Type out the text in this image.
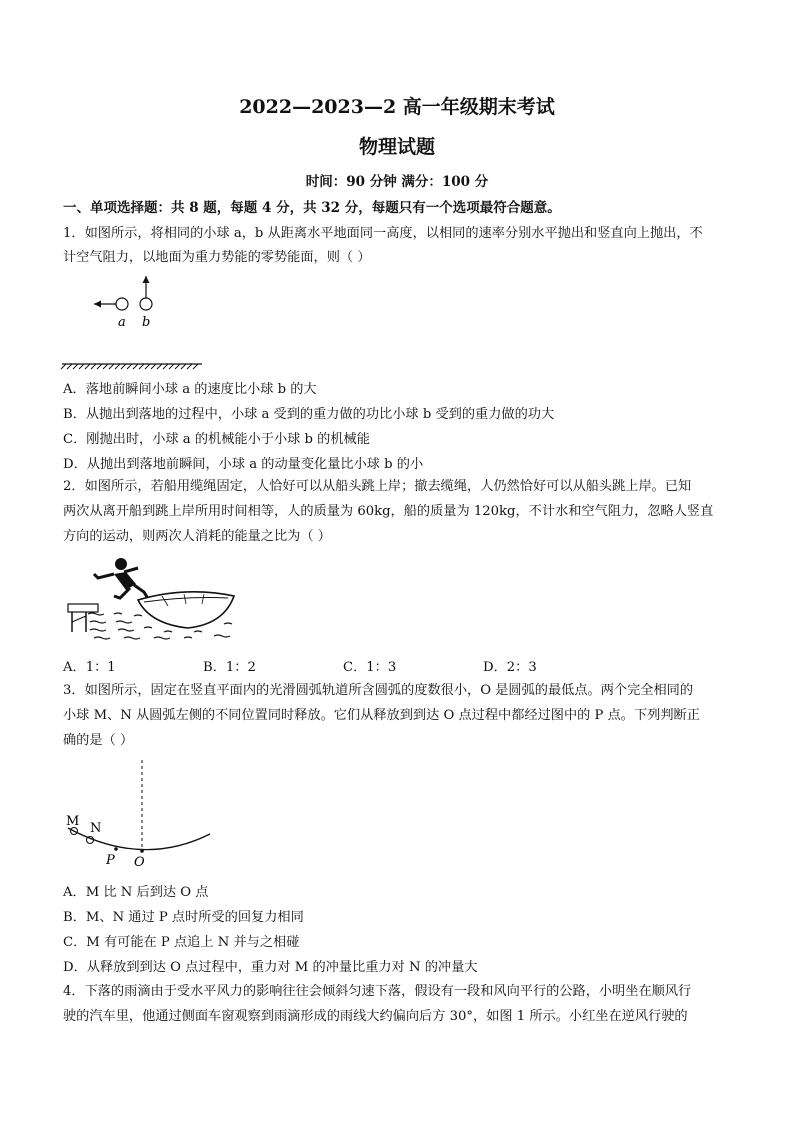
2022—2023—2 高一年级期末考试
物理试题
时间：90 分钟 满分：100 分
一、单项选择题：共 8 题，每题 4 分，共 32 分，每题只有一个选项最符合题意。
1．如图所示，将相同的小球 a，b 从距离水平地面同一高度，以相同的速率分别水平抛出和竖直向上抛出，不
计空气阻力，以地面为重力势能的零势能面，则（ ）
a b
A．落地前瞬间小球 a 的速度比小球 b 的大
B．从抛出到落地的过程中，小球 a 受到的重力做的功比小球 b 受到的重力做的功大
C．刚抛出时，小球 a 的机械能小于小球 b 的机械能
D．从抛出到落地前瞬间，小球 a 的动量变化量比小球 b 的小
2．如图所示，若船用缆绳固定，人恰好可以从船头跳上岸；撤去缆绳，人仍然恰好可以从船头跳上岸。已知
两次从离开船到跳上岸所用时间相等，人的质量为 60kg，船的质量为 120kg，不计水和空气阻力，忽略人竖直
方向的运动，则两次人消耗的能量之比为（ ）
A．1：1	B．1：2	C．1：3	D．2：3
3．如图所示，固定在竖直平面内的光滑圆弧轨道所含圆弧的度数很小，O 是圆弧的最低点。两个完全相同的
小球 M、N 从圆弧左侧的不同位置同时释放。它们从释放到到达 O 点过程中都经过图中的 P 点。下列判断正
确的是（ ）
M N
P O
A．M 比 N 后到达 O 点
B．M、N 通过 P 点时所受的回复力相同
C．M 有可能在 P 点追上 N 并与之相碰
D．从释放到到达 O 点过程中，重力对 M 的冲量比重力对 N 的冲量大
4．下落的雨滴由于受水平风力的影响往往会倾斜匀速下落，假设有一段和风向平行的公路，小明坐在顺风行
驶的汽车里，他通过侧面车窗观察到雨滴形成的雨线大约偏向后方 30°，如图 1 所示。小红坐在逆风行驶的
